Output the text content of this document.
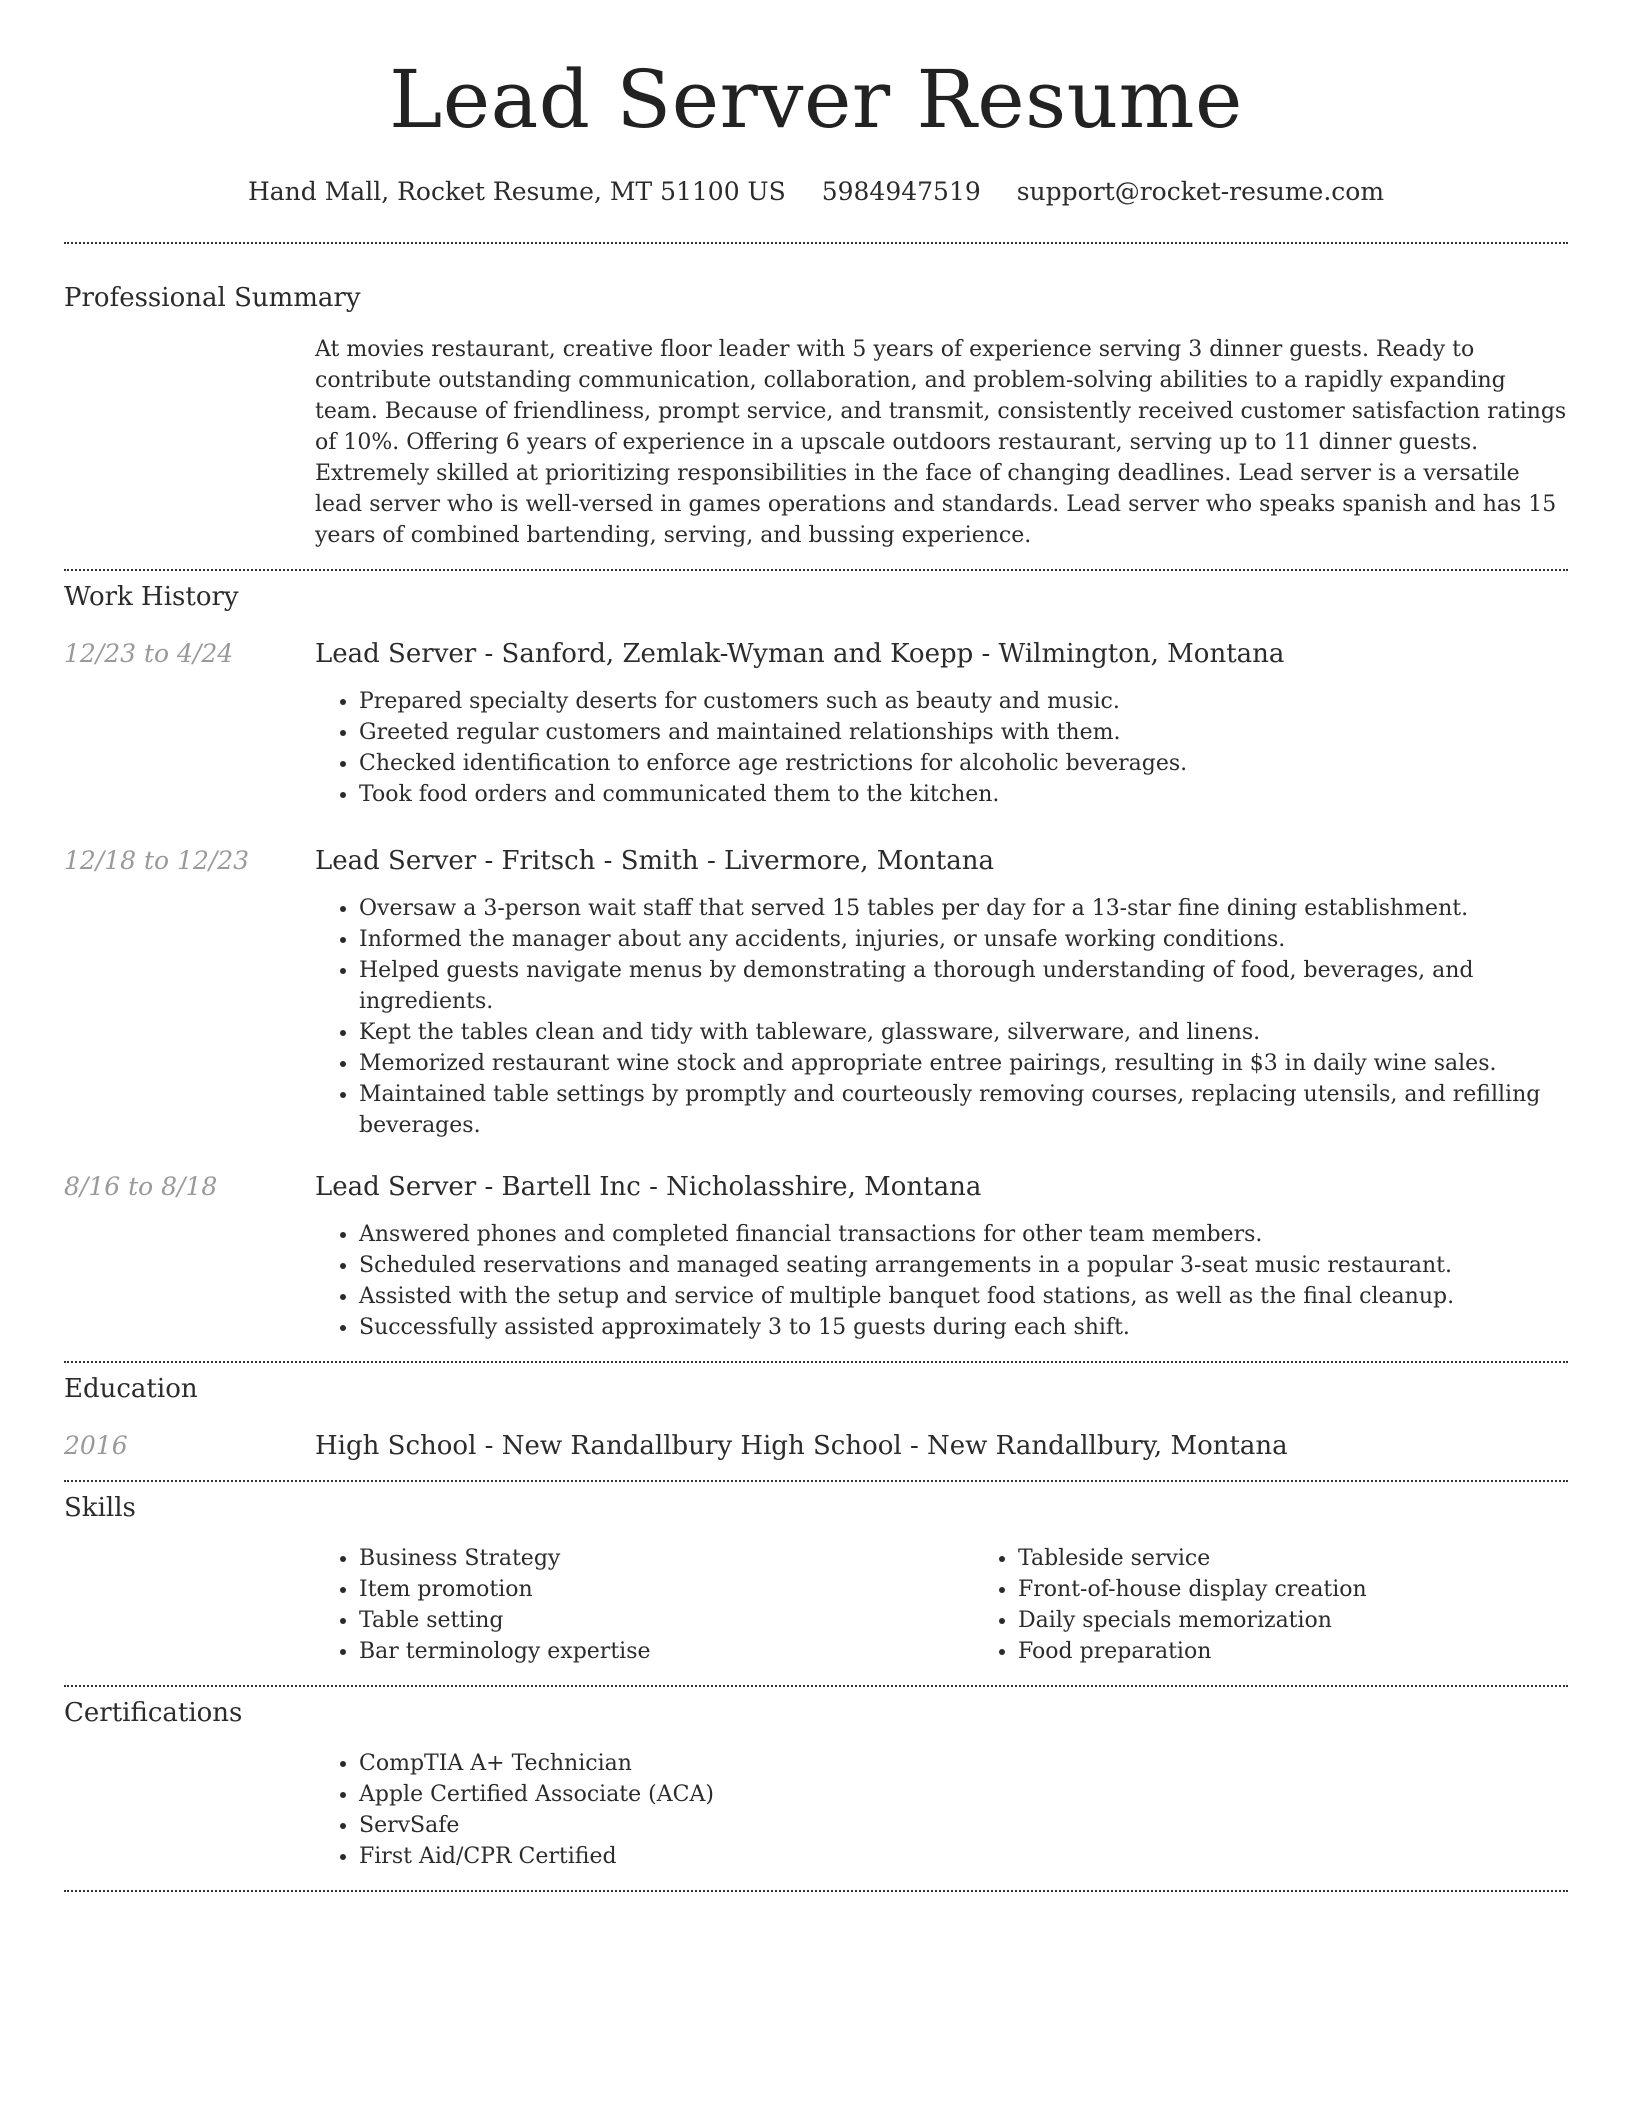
Lead Server Resume
Hand Mall, Rocket Resume, MT 51100 US 5984947519 support@rocket-resume.com
Professional Summary

At movies restaurant, creative floor leader with 5 years of experience serving 3 dinner guests. Ready to contribute outstanding communication, collaboration, and problem-solving abilities to a rapidly expanding team. Because of friendliness, prompt service, and transmit, consistently received customer satisfaction ratings of 10%. Offering 6 years of experience in a upscale outdoors restaurant, serving up to 11 dinner guests. Extremely skilled at prioritizing responsibilities in the face of changing deadlines. Lead server is a versatile lead server who is well-versed in games operations and standards. Lead server who speaks spanish and has 15 years of combined bartending, serving, and bussing experience.

Work History
12/23 to 4/24	Lead Server - Sanford, Zemlak-Wyman and Koepp - Wilmington, Montana
• Prepared specialty deserts for customers such as beauty and music.
• Greeted regular customers and maintained relationships with them.
• Checked identification to enforce age restrictions for alcoholic beverages.
• Took food orders and communicated them to the kitchen.
12/18 to 12/23	Lead Server - Fritsch - Smith - Livermore, Montana
• Oversaw a 3-person wait staff that served 15 tables per day for a 13-star fine dining establishment.
• Informed the manager about any accidents, injuries, or unsafe working conditions.
• Helped guests navigate menus by demonstrating a thorough understanding of food, beverages, and ingredients.
• Kept the tables clean and tidy with tableware, glassware, silverware, and linens.
• Memorized restaurant wine stock and appropriate entree pairings, resulting in $3 in daily wine sales.
• Maintained table settings by promptly and courteously removing courses, replacing utensils, and refilling beverages.
8/16 to 8/18	Lead Server - Bartell Inc - Nicholasshire, Montana
• Answered phones and completed financial transactions for other team members.
• Scheduled reservations and managed seating arrangements in a popular 3-seat music restaurant.
• Assisted with the setup and service of multiple banquet food stations, as well as the final cleanup.
• Successfully assisted approximately 3 to 15 guests during each shift.
Education
2016	High School - New Randallbury High School - New Randallbury, Montana
Skills
• Business Strategy
• Item promotion
• Table setting
• Bar terminology expertise
• Tableside service
• Front-of-house display creation
• Daily specials memorization
• Food preparation
Certifications
• CompTIA A+ Technician
• Apple Certified Associate (ACA)
• ServSafe
• First Aid/CPR Certified
